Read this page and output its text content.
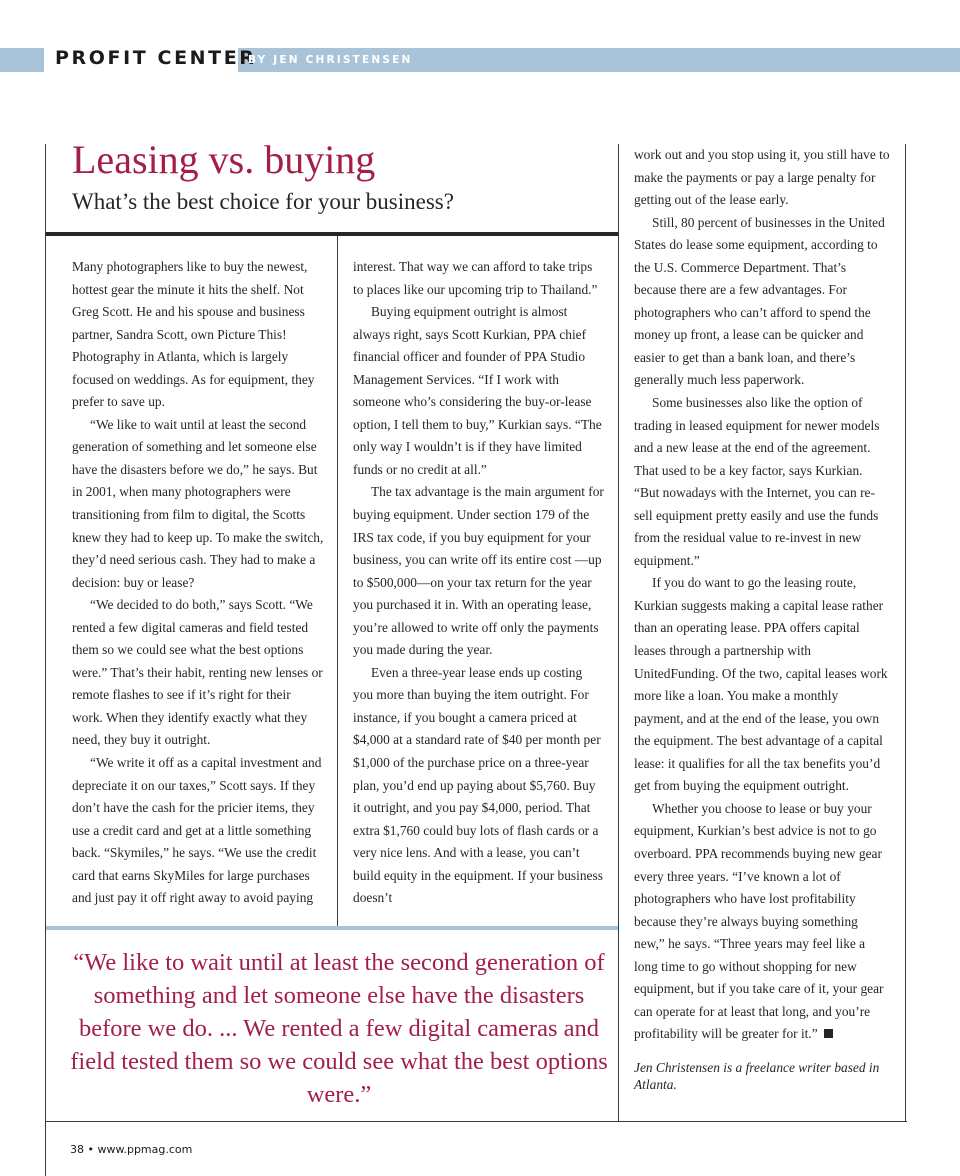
PROFIT CENTER
BY JEN CHRISTENSEN
Leasing vs. buying
What’s the best choice for your business?

Many photographers like to buy the newest, hottest gear the minute it hits the shelf. Not Greg Scott. He and his spouse and business partner, Sandra Scott, own Picture This! Photography in Atlanta, which is largely focused on weddings. As for equipment, they prefer to save up.

“We like to wait until at least the second generation of something and let someone else have the disasters before we do,” he says. But in 2001, when many photographers were transitioning from film to digital, the Scotts knew they had to keep up. To make the switch, they’d need serious cash. They had to make a decision: buy or lease?

“We decided to do both,” says Scott. “We rented a few digital cameras and field tested them so we could see what the best options were.” That’s their habit, renting new lenses or remote flashes to see if it’s right for their work. When they identify exactly what they need, they buy it outright.

“We write it off as a capital investment and depreciate it on our taxes,” Scott says. If they don’t have the cash for the pricier items, they use a credit card and get at a little something back. “Skymiles,” he says. “We use the credit card that earns SkyMiles for large purchases and just pay it off right away to avoid paying

interest. That way we can afford to take trips to places like our upcoming trip to Thailand.”

Buying equipment outright is almost always right, says Scott Kurkian, PPA chief financial officer and founder of PPA Studio Management Services. “If I work with someone who’s considering the buy-or-lease option, I tell them to buy,” Kurkian says. “The only way I wouldn’t is if they have limited funds or no credit at all.”

The tax advantage is the main argument for buying equipment. Under section 179 of the IRS tax code, if you buy equipment for your business, you can write off its entire cost —up to $500,000—on your tax return for the year you purchased it in. With an operating lease, you’re allowed to write off only the payments you made during the year.

Even a three-year lease ends up costing you more than buying the item outright. For instance, if you bought a camera priced at $4,000 at a standard rate of $40 per month per $1,000 of the purchase price on a three-year plan, you’d end up paying about $5,760. Buy it outright, and you pay $4,000, period. That extra $1,760 could buy lots of flash cards or a very nice lens. And with a lease, you can’t build equity in the equipment. If your business doesn’t

work out and you stop using it, you still have to make the payments or pay a large penalty for getting out of the lease early.

Still, 80 percent of businesses in the United States do lease some equipment, according to the U.S. Commerce Department. That’s because there are a few advantages. For photographers who can’t afford to spend the money up front, a lease can be quicker and easier to get than a bank loan, and there’s generally much less paperwork.

Some businesses also like the option of trading in leased equipment for newer models and a new lease at the end of the agreement. That used to be a key factor, says Kurkian. “But nowadays with the Internet, you can re-sell equipment pretty easily and use the funds from the residual value to re-invest in new equipment.”

If you do want to go the leasing route, Kurkian suggests making a capital lease rather than an operating lease. PPA offers capital leases through a partnership with UnitedFunding. Of the two, capital leases work more like a loan. You make a monthly payment, and at the end of the lease, you own the equipment. The best advantage of a capital lease: it qualifies for all the tax benefits you’d get from buying the equipment outright.

Whether you choose to lease or buy your equipment, Kurkian’s best advice is not to go overboard. PPA recommends buying new gear every three years. “I’ve known a lot of photographers who have lost profitability because they’re always buying something new,” he says. “Three years may feel like a long time to go without shopping for new equipment, but if you take care of it, your gear can operate for at least that long, and you’re profitability will be greater for it.”

Jen Christensen is a freelance writer based in Atlanta.

“We like to wait until at least the second generation of something and let someone else have the disasters before we do. ... We rented a few digital cameras and field tested them so we could see what the best options were.”

38 • www.ppmag.com
